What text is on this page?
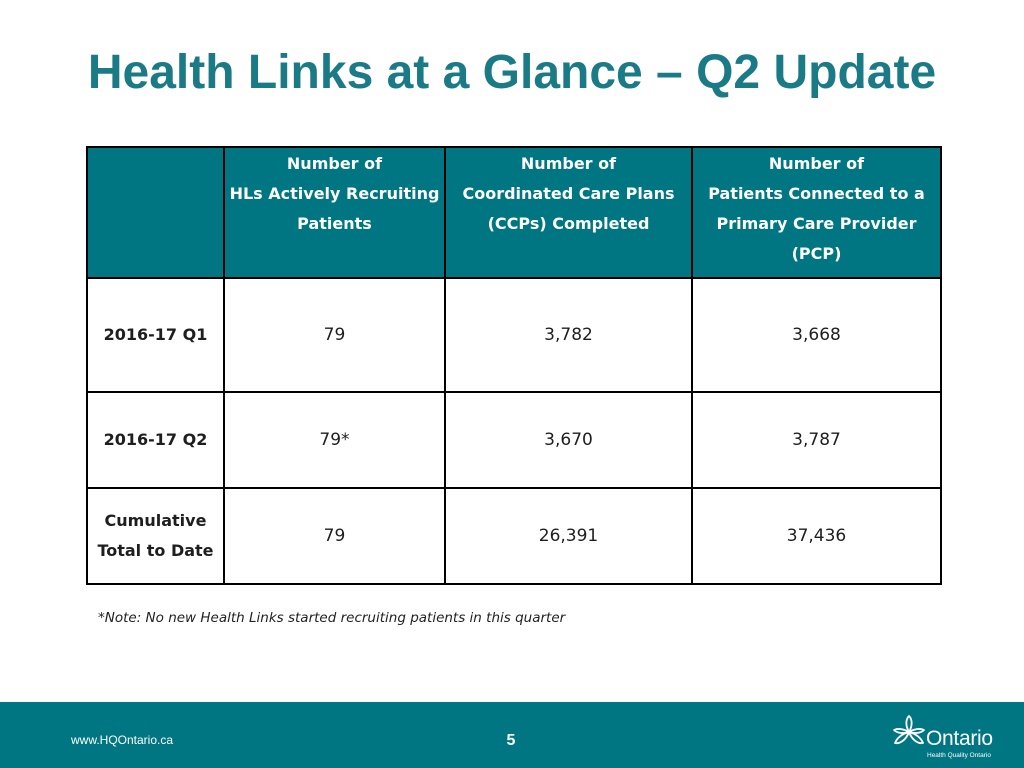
Health Links at a Glance – Q2 Update

	Number of
HLs Actively Recruiting
Patients	Number of
Coordinated Care Plans
(CCPs) Completed	Number of
Patients Connected to a
Primary Care Provider
(PCP)

2016-17 Q1	79	3,782	3,668

2016-17 Q2	79*	3,670	3,787

Cumulative
Total to Date	79	26,391	37,436

*Note: No new Health Links started recruiting patients in this quarter

www.HQOntario.ca	5	Ontario
Health Quality Ontario
